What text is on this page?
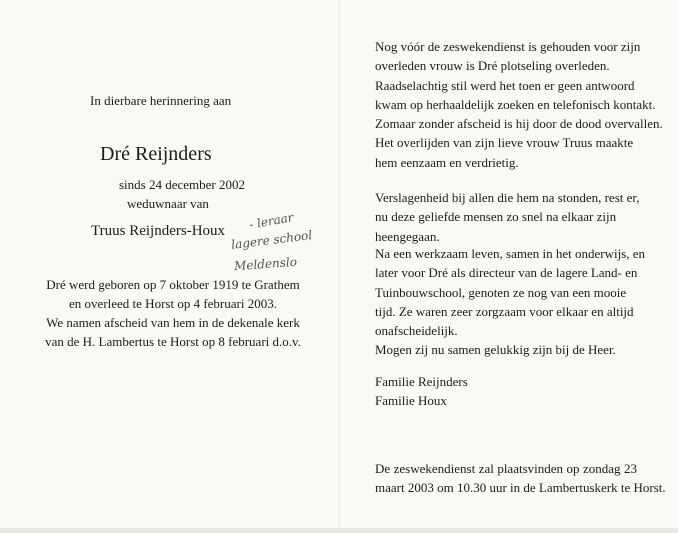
In dierbare herinnering aan
Dré Reijnders
sinds 24 december 2002
weduwnaar van
Truus Reijnders-Houx - leraar
lagere school
Meldenslo
Dré werd geboren op 7 oktober 1919 te Grathem
en overleed te Horst op 4 februari 2003.
We namen afscheid van hem in de dekenale kerk
van de H. Lambertus te Horst op 8 februari d.o.v.
Nog vóór de zeswekendienst is gehouden voor zijn
overleden vrouw is Dré plotseling overleden.
Raadselachtig stil werd het toen er geen antwoord
kwam op herhaaldelijk zoeken en telefonisch kontakt.
Zomaar zonder afscheid is hij door de dood overvallen.
Het overlijden van zijn lieve vrouw Truus maakte
hem eenzaam en verdrietig.
Verslagenheid bij allen die hem na stonden, rest er,
nu deze geliefde mensen zo snel na elkaar zijn
heengegaan.
Na een werkzaam leven, samen in het onderwijs, en
later voor Dré als directeur van de lagere Land- en
Tuinbouwschool, genoten ze nog van een mooie
tijd. Ze waren zeer zorgzaam voor elkaar en altijd
onafscheidelijk.
Mogen zij nu samen gelukkig zijn bij de Heer.
Familie Reijnders
Familie Houx
De zeswekendienst zal plaatsvinden op zondag 23
maart 2003 om 10.30 uur in de Lambertuskerk te Horst.
